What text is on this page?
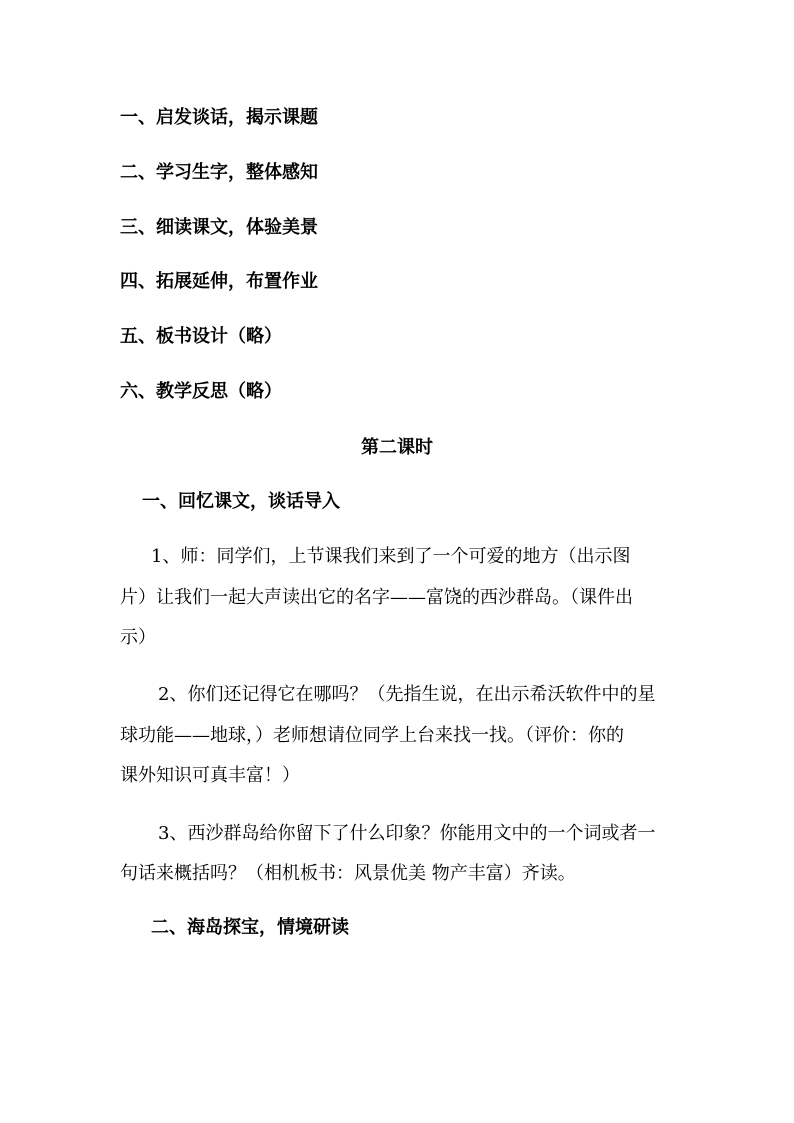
一、启发谈话，揭示课题
二、学习生字，整体感知
三、细读课文，体验美景
四、拓展延伸，布置作业
五、板书设计（略）
六、教学反思（略）
第二课时
一、回忆课文，谈话导入
1、师：同学们，上节课我们来到了一个可爱的地方（出示图
片）让我们一起大声读出它的名字——富饶的西沙群岛。（课件出
示）
2、你们还记得它在哪吗？（先指生说，在出示希沃软件中的星
球功能——地球，）老师想请位同学上台来找一找。（评价：你的
课外知识可真丰富！）
3、西沙群岛给你留下了什么印象？你能用文中的一个词或者一
句话来概括吗？（相机板书：风景优美 物产丰富）齐读。
二、海岛探宝，情境研读
